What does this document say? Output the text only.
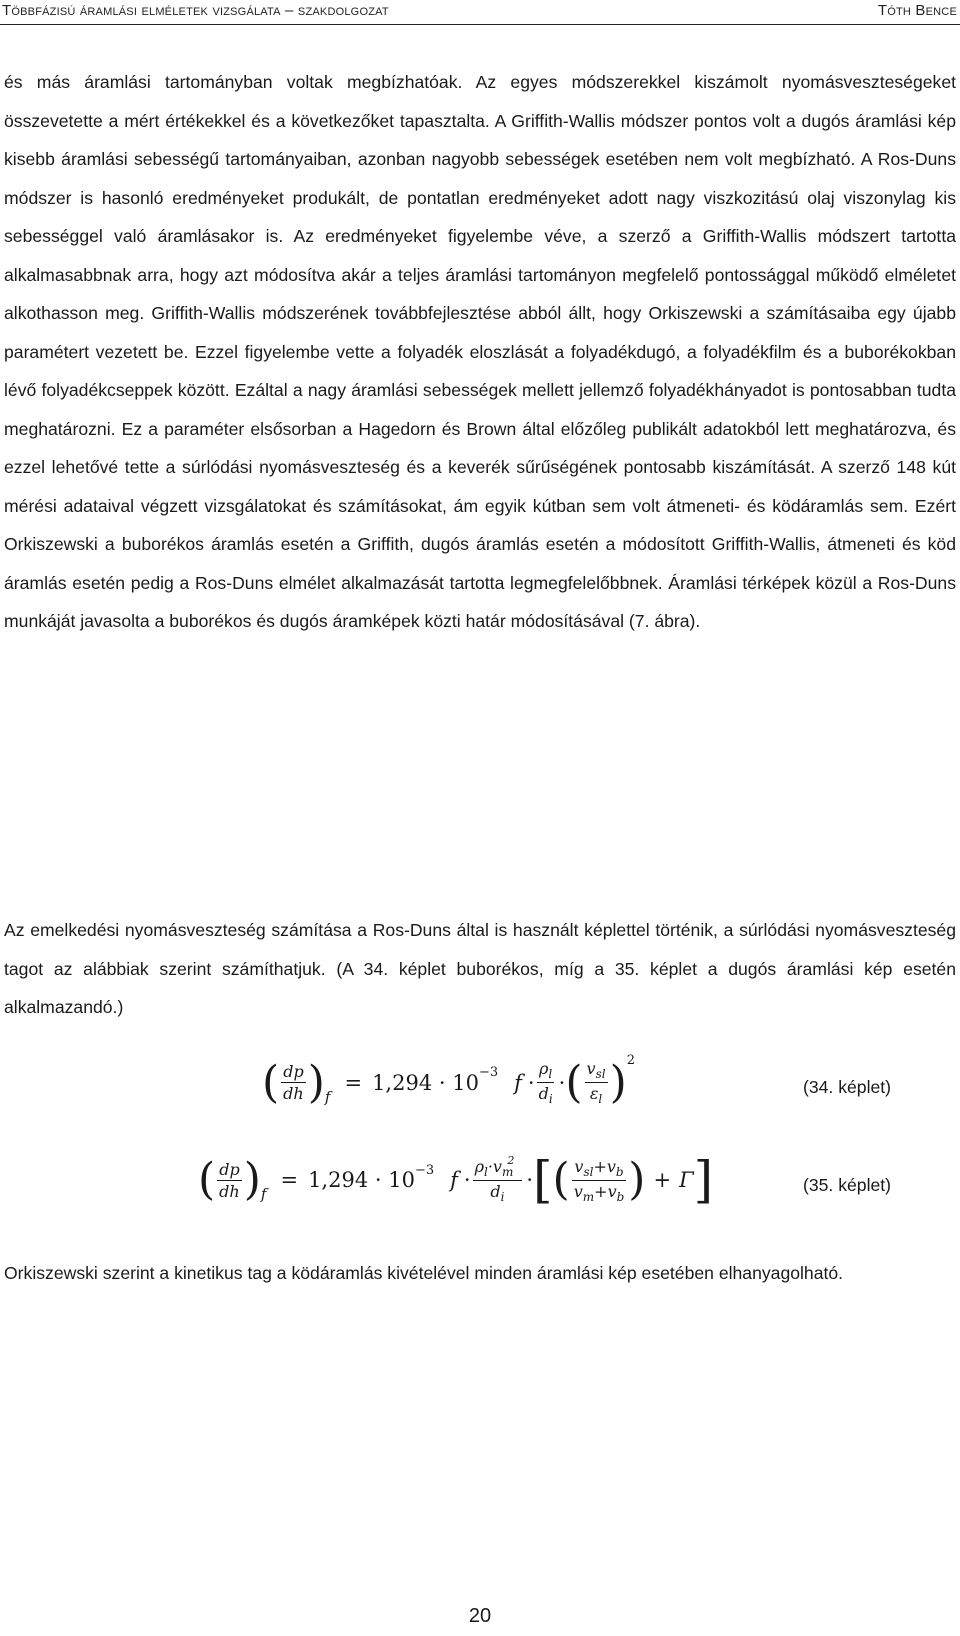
Többfázisú áramlási elméletek vizsgálata – szakdolgozat	Tóth Bence

és más áramlási tartományban voltak megbízhatóak. Az egyes módszerekkel kiszámolt nyomásveszteségeket összevetette a mért értékekkel és a következőket tapasztalta. A Griffith-Wallis módszer pontos volt a dugós áramlási kép kisebb áramlási sebességű tartományaiban, azonban nagyobb sebességek esetében nem volt megbízható. A Ros-Duns módszer is hasonló eredményeket produkált, de pontatlan eredményeket adott nagy viszkozitású olaj viszonylag kis sebességgel való áramlásakor is. Az eredményeket figyelembe véve, a szerző a Griffith-Wallis módszert tartotta alkalmasabbnak arra, hogy azt módosítva akár a teljes áramlási tartományon megfelelő pontossággal működő elméletet alkothasson meg. Griffith-Wallis módszerének továbbfejlesztése abból állt, hogy Orkiszewski a számításaiba egy újabb paramétert vezetett be. Ezzel figyelembe vette a folyadék eloszlását a folyadékdugó, a folyadékfilm és a buborékokban lévő folyadékcseppek között. Ezáltal a nagy áramlási sebességek mellett jellemző folyadékhányadot is pontosabban tudta meghatározni. Ez a paraméter elsősorban a Hagedorn és Brown által előzőleg publikált adatokból lett meghatározva, és ezzel lehetővé tette a súrlódási nyomásveszteség és a keverék sűrűségének pontosabb kiszámítását. A szerző 148 kút mérési adataival végzett vizsgálatokat és számításokat, ám egyik kútban sem volt átmeneti- és ködáramlás sem. Ezért Orkiszewski a buborékos áramlás esetén a Griffith, dugós áramlás esetén a módosított Griffith-Wallis, átmeneti és köd áramlás esetén pedig a Ros-Duns elmélet alkalmazását tartotta legmegfelelőbbnek. Áramlási térképek közül a Ros-Duns munkáját javasolta a buborékos és dugós áramképek közti határ módosításával (7. ábra).

Az emelkedési nyomásveszteség számítása a Ros-Duns által is használt képlettel történik, a súrlódási nyomásveszteség tagot az alábbiak szerint számíthatjuk. (A 34. képlet buborékos, míg a 35. képlet a dugós áramlási kép esetén alkalmazandó.)

( $\frac{dp}{dh}$ ) f
= 1,294 · 10 −3 $f \cdot \frac{\rho_l}{d_i}$ · ( $\frac{v_{sl}}{\varepsilon_l}$ ) 2
(34. képlet)
( $\frac{dp}{dh}$ ) f
= 1,294 · 10 −3 $f \cdot \frac{\rho_l\cdot v_m^2}{d_i}$ · [ ( $\frac{v_{sl}+v_b}{v_m+v_b}$ ) + Γ ]	(35. képlet)

Orkiszewski szerint a kinetikus tag a ködáramlás kivételével minden áramlási kép esetében elhanyagolható.

20
